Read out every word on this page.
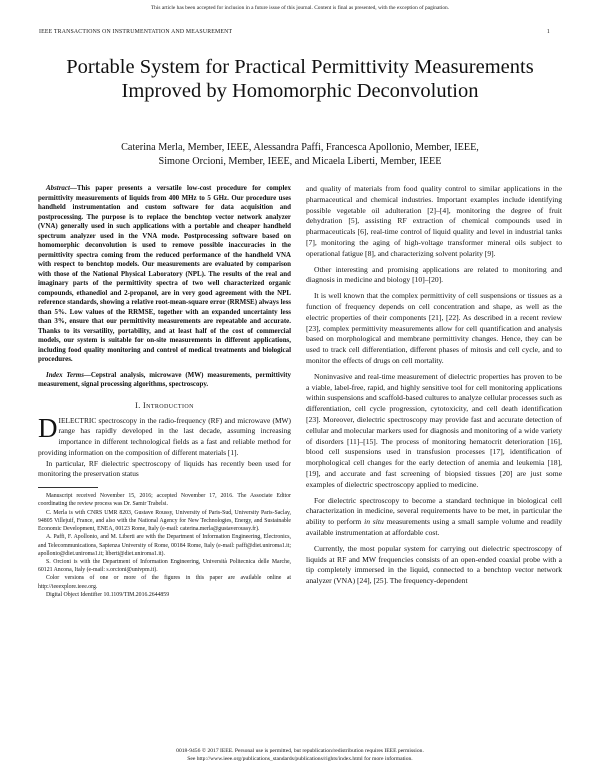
This article has been accepted for inclusion in a future issue of this journal. Content is final as presented, with the exception of pagination.
IEEE TRANSACTIONS ON INSTRUMENTATION AND MEASUREMENT	1
Portable System for Practical Permittivity Measurements Improved by Homomorphic Deconvolution
Caterina Merla, Member, IEEE, Alessandra Paffi, Francesca Apollonio, Member, IEEE,
Simone Orcioni, Member, IEEE, and Micaela Liberti, Member, IEEE

Abstract—This paper presents a versatile low-cost procedure for complex permittivity measurements of liquids from 400 MHz to 5 GHz. Our procedure uses handheld instrumentation and custom software for data acquisition and postprocessing. The purpose is to replace the benchtop vector network analyzer (VNA) generally used in such applications with a portable and cheaper handheld spectrum analyzer used in the VNA mode. Postprocessing software based on homomorphic deconvolution is used to remove possible inaccuracies in the permittivity spectra coming from the reduced performance of the handheld VNA with respect to benchtop models. Our measurements are evaluated by comparison with those of the National Physical Laboratory (NPL). The results of the real and imaginary parts of the permittivity spectra of two well characterized organic compounds, ethanediol and 2-propanol, are in very good agreement with the NPL reference standards, showing a relative root-mean-square error (RRMSE) always less than 5%. Low values of the RRMSE, together with an expanded uncertainty less than 3%, ensure that our permittivity measurements are repeatable and accurate. Thanks to its versatility, portability, and at least half of the cost of commercial models, our system is suitable for on-site measurements in different applications, including food quality monitoring and control of medical treatments and biological procedures.

Index Terms—Cepstral analysis, microwave (MW) measurements, permittivity measurement, signal processing algorithms, spectroscopy.

I. Introduction

DIELECTRIC spectroscopy in the radio-frequency (RF) and microwave (MW) range has rapidly developed in the last decade, assuming increasing importance in different technological fields as a fast and reliable method for providing information on the composition of different materials [1].

In particular, RF dielectric spectroscopy of liquids has recently been used for monitoring the preservation status

Manuscript received November 15, 2016; accepted November 17, 2016. The Associate Editor coordinating the review process was Dr. Samir Trabelsi.

C. Merla is with CNRS UMR 8203, Gustave Roussy, University of Paris-Sud, University Paris-Saclay, 94805 Villejuif, France, and also with the National Agency for New Technologies, Energy, and Sustainable Economic Development, ENEA, 00123 Rome, Italy (e-mail: caterina.merla@gustaveroussy.fr).

A. Paffi, F. Apollonio, and M. Liberti are with the Department of Information Engineering, Electronics, and Telecommunications, Sapienza University of Rome, 00184 Rome, Italy (e-mail: paffi@diet.uniroma1.it; apollonio@diet.uniroma1.it; liberti@diet.uniroma1.it).

S. Orcioni is with the Department of Information Engineering, Università Politecnica delle Marche, 60121 Ancona, Italy (e-mail: s.orcioni@univpm.it).

Color versions of one or more of the figures in this paper are available online at http://ieeexplore.ieee.org.

Digital Object Identifier 10.1109/TIM.2016.2644859

and quality of materials from food quality control to similar applications in the pharmaceutical and chemical industries. Important examples include identifying possible vegetable oil adulteration [2]–[4], monitoring the degree of fruit dehydration [5], assisting RF extraction of chemical compounds used in pharmaceuticals [6], real-time control of liquid quality and level in industrial tanks [7], monitoring the aging of high-voltage transformer mineral oils subject to operational fatigue [8], and characterizing solvent polarity [9].

Other interesting and promising applications are related to monitoring and diagnosis in medicine and biology [10]–[20].

It is well known that the complex permittivity of cell suspensions or tissues as a function of frequency depends on cell concentration and shape, as well as the electric properties of their components [21], [22]. As described in a recent review [23], complex permittivity measurements allow for cell quantification and analysis based on morphological and membrane permittivity changes. Hence, they can be used to track cell differentiation, different phases of mitosis and cell cycle, and to monitor the effects of drugs on cell mortality.

Noninvasive and real-time measurement of dielectric properties has proven to be a viable, label-free, rapid, and highly sensitive tool for cell monitoring applications within suspensions and scaffold-based cultures to analyze cellular processes such as differentiation, cell cycle progression, cytotoxicity, and cell death identification [23]. Moreover, dielectric spectroscopy may provide fast and accurate detection of cellular and molecular markers used for diagnosis and monitoring of a wide variety of disorders [11]–[15]. The process of monitoring hematocrit deterioration [16], blood cell suspensions used in transfusion processes [17], identification of morphological cell changes for the early detection of anemia and leukemia [18], [19], and accurate and fast screening of biopsied tissues [20] are just some examples of dielectric spectroscopy applied to medicine.

For dielectric spectroscopy to become a standard technique in biological cell characterization in medicine, several requirements have to be met, in particular the ability to perform in situ measurements using a small sample volume and readily available instrumentation at affordable cost.

Currently, the most popular system for carrying out dielectric spectroscopy of liquids at RF and MW frequencies consists of an open-ended coaxial probe with a tip completely immersed in the liquid, connected to a benchtop vector network analyzer (VNA) [24], [25]. The frequency-dependent

0018-9456 © 2017 IEEE. Personal use is permitted, but republication/redistribution requires IEEE permission.
See http://www.ieee.org/publications_standards/publications/rights/index.html for more information.
